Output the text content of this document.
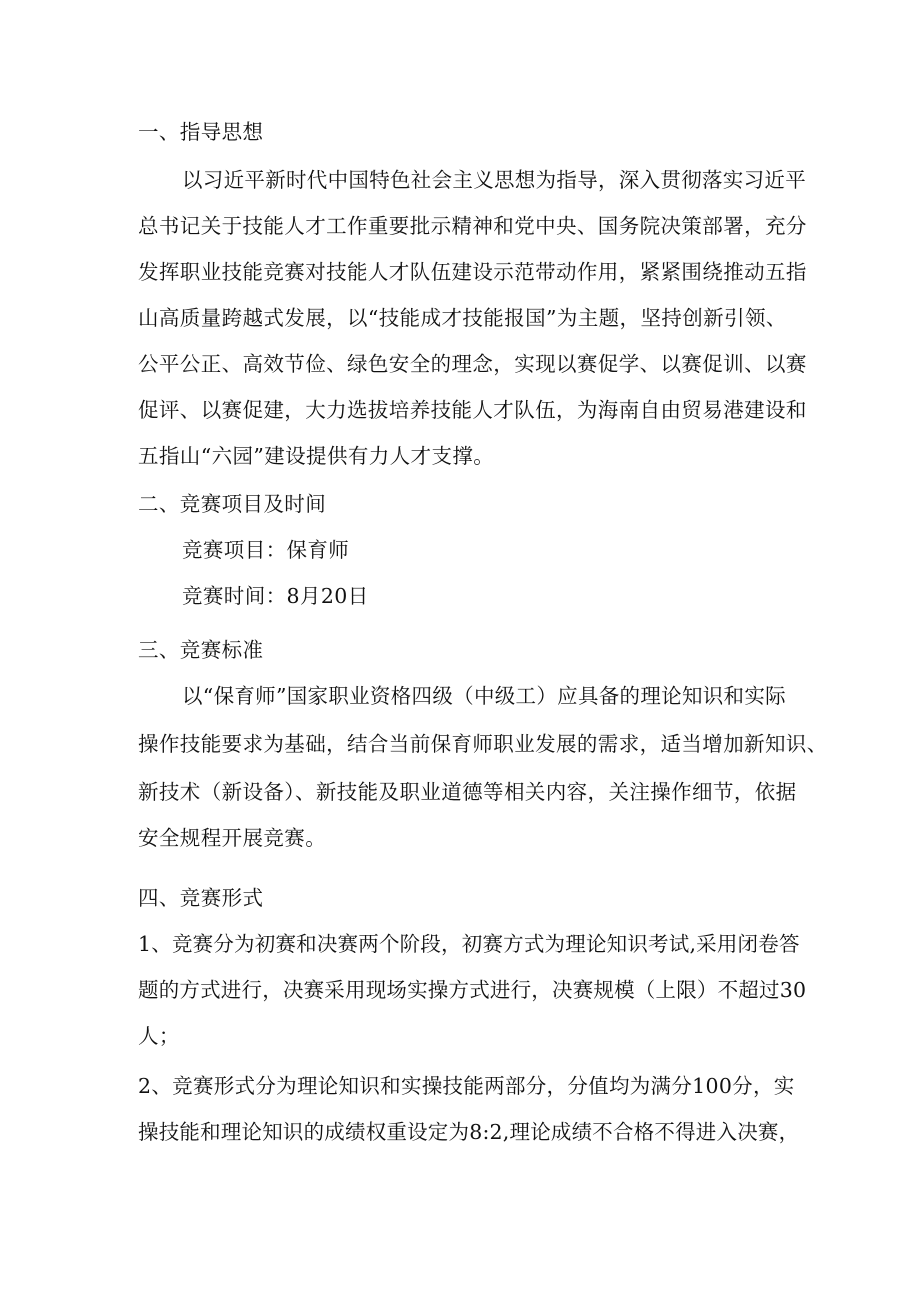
一、指导思想
以习近平新时代中国特色社会主义思想为指导，深入贯彻落实习近平
总书记关于技能人才工作重要批示精神和党中央、国务院决策部署，充分
发挥职业技能竞赛对技能人才队伍建设示范带动作用，紧紧围绕推动五指
山高质量跨越式发展，以“技能成才技能报国”为主题，坚持创新引领、
公平公正、高效节俭、绿色安全的理念，实现以赛促学、以赛促训、以赛
促评、以赛促建，大力选拔培养技能人才队伍，为海南自由贸易港建设和
五指山“六园”建设提供有力人才支撑。
二、竞赛项目及时间
竞赛项目：保育师
竞赛时间：8月20日
三、竞赛标准
以“保育师”国家职业资格四级（中级工）应具备的理论知识和实际
操作技能要求为基础，结合当前保育师职业发展的需求，适当增加新知识、
新技术（新设备）、新技能及职业道德等相关内容，关注操作细节，依据
安全规程开展竞赛。
四、竞赛形式
1、竞赛分为初赛和决赛两个阶段，初赛方式为理论知识考试,采用闭卷答
题的方式进行，决赛采用现场实操方式进行，决赛规模（上限）不超过30
人；
2、竞赛形式分为理论知识和实操技能两部分，分值均为满分100分，实
操技能和理论知识的成绩权重设定为8:2,理论成绩不合格不得进入决赛，
